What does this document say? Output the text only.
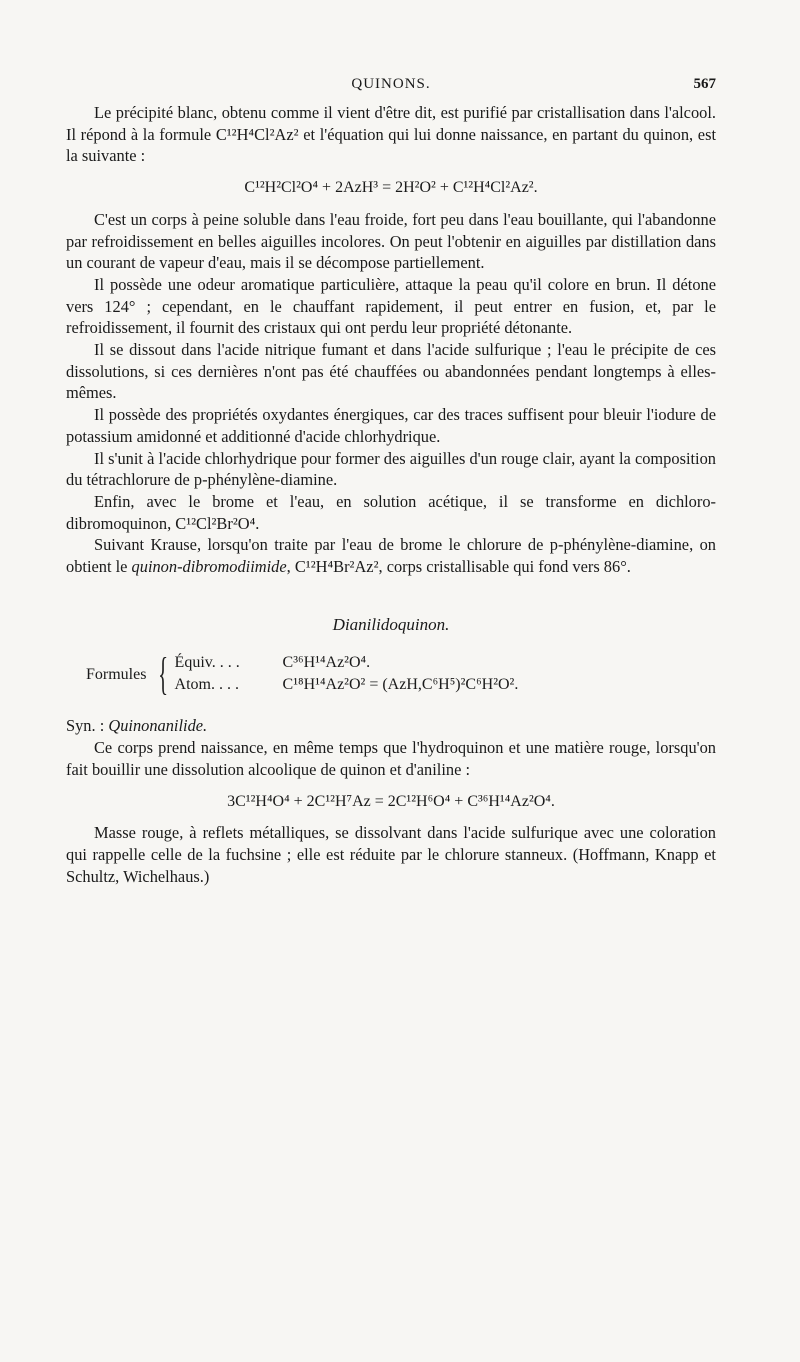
QUINONS.	567

Le précipité blanc, obtenu comme il vient d'être dit, est purifié par cristallisation dans l'alcool. Il répond à la formule C¹²H⁴Cl²Az² et l'équation qui lui donne naissance, en partant du quinon, est la suivante :

C¹²H²Cl²O⁴ + 2AzH³ = 2H²O² + C¹²H⁴Cl²Az².

C'est un corps à peine soluble dans l'eau froide, fort peu dans l'eau bouillante, qui l'abandonne par refroidissement en belles aiguilles incolores. On peut l'obtenir en aiguilles par distillation dans un courant de vapeur d'eau, mais il se décompose partiellement.

Il possède une odeur aromatique particulière, attaque la peau qu'il colore en brun. Il détone vers 124° ; cependant, en le chauffant rapidement, il peut entrer en fusion, et, par le refroidissement, il fournit des cristaux qui ont perdu leur propriété détonante.

Il se dissout dans l'acide nitrique fumant et dans l'acide sulfurique ; l'eau le précipite de ces dissolutions, si ces dernières n'ont pas été chauffées ou abandonnées pendant longtemps à elles-mêmes.

Il possède des propriétés oxydantes énergiques, car des traces suffisent pour bleuir l'iodure de potassium amidonné et additionné d'acide chlorhydrique.

Il s'unit à l'acide chlorhydrique pour former des aiguilles d'un rouge clair, ayant la composition du tétrachlorure de p-phénylène-diamine.

Enfin, avec le brome et l'eau, en solution acétique, il se transforme en dichloro-dibromoquinon, C¹²Cl²Br²O⁴.

Suivant Krause, lorsqu'on traite par l'eau de brome le chlorure de p-phénylène-diamine, on obtient le quinon-dibromodiimide, C¹²H⁴Br²Az², corps cristallisable qui fond vers 86°.

Dianilidoquinon.
Formules { Équiv. . . .	C³⁶H¹⁴Az²O⁴.
Atom. . . .	C¹⁸H¹⁴Az²O² = (AzH,C⁶H⁵)²C⁶H²O².

Syn. : Quinonanilide.

Ce corps prend naissance, en même temps que l'hydroquinon et une matière rouge, lorsqu'on fait bouillir une dissolution alcoolique de quinon et d'aniline :

3C¹²H⁴O⁴ + 2C¹²H⁷Az = 2C¹²H⁶O⁴ + C³⁶H¹⁴Az²O⁴.

Masse rouge, à reflets métalliques, se dissolvant dans l'acide sulfurique avec une coloration qui rappelle celle de la fuchsine ; elle est réduite par le chlorure stanneux. (Hoffmann, Knapp et Schultz, Wichelhaus.)
